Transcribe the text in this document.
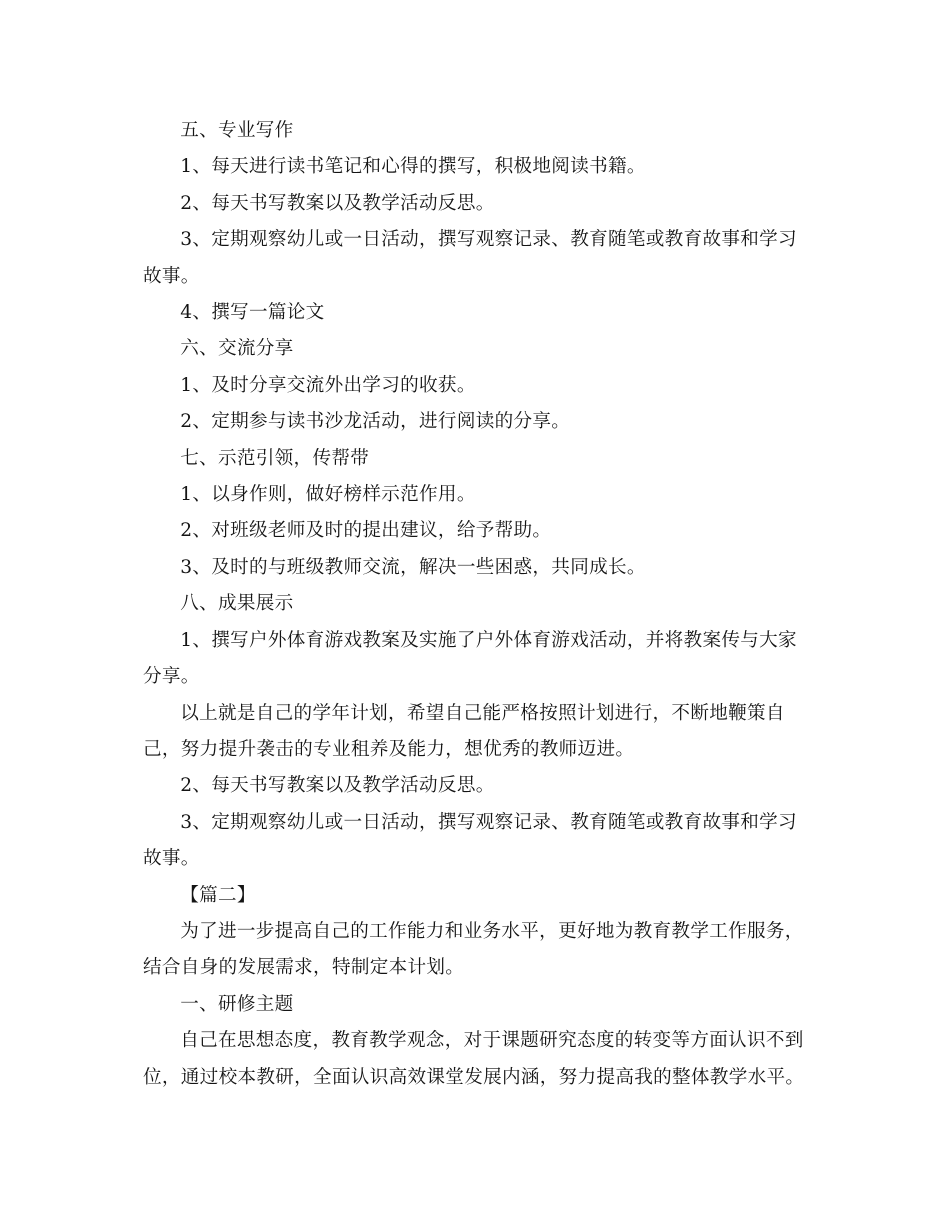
五、专业写作

1、每天进行读书笔记和心得的撰写，积极地阅读书籍。

2、每天书写教案以及教学活动反思。

3、定期观察幼儿或一日活动，撰写观察记录、教育随笔或教育故事和学习故事。

4、撰写一篇论文

六、交流分享

1、及时分享交流外出学习的收获。

2、定期参与读书沙龙活动，进行阅读的分享。

七、示范引领，传帮带

1、以身作则，做好榜样示范作用。

2、对班级老师及时的提出建议，给予帮助。

3、及时的与班级教师交流，解决一些困惑，共同成长。

八、成果展示

1、撰写户外体育游戏教案及实施了户外体育游戏活动，并将教案传与大家分享。

以上就是自己的学年计划，希望自己能严格按照计划进行，不断地鞭策自己，努力提升袭击的专业租养及能力，想优秀的教师迈进。

2、每天书写教案以及教学活动反思。

3、定期观察幼儿或一日活动，撰写观察记录、教育随笔或教育故事和学习故事。

【篇二】

为了进一步提高自己的工作能力和业务水平，更好地为教育教学工作服务，结合自身的发展需求，特制定本计划。

一、研修主题

自己在思想态度，教育教学观念，对于课题研究态度的转变等方面认识不到位，通过校本教研，全面认识高效课堂发展内涵，努力提高我的整体教学水平。
